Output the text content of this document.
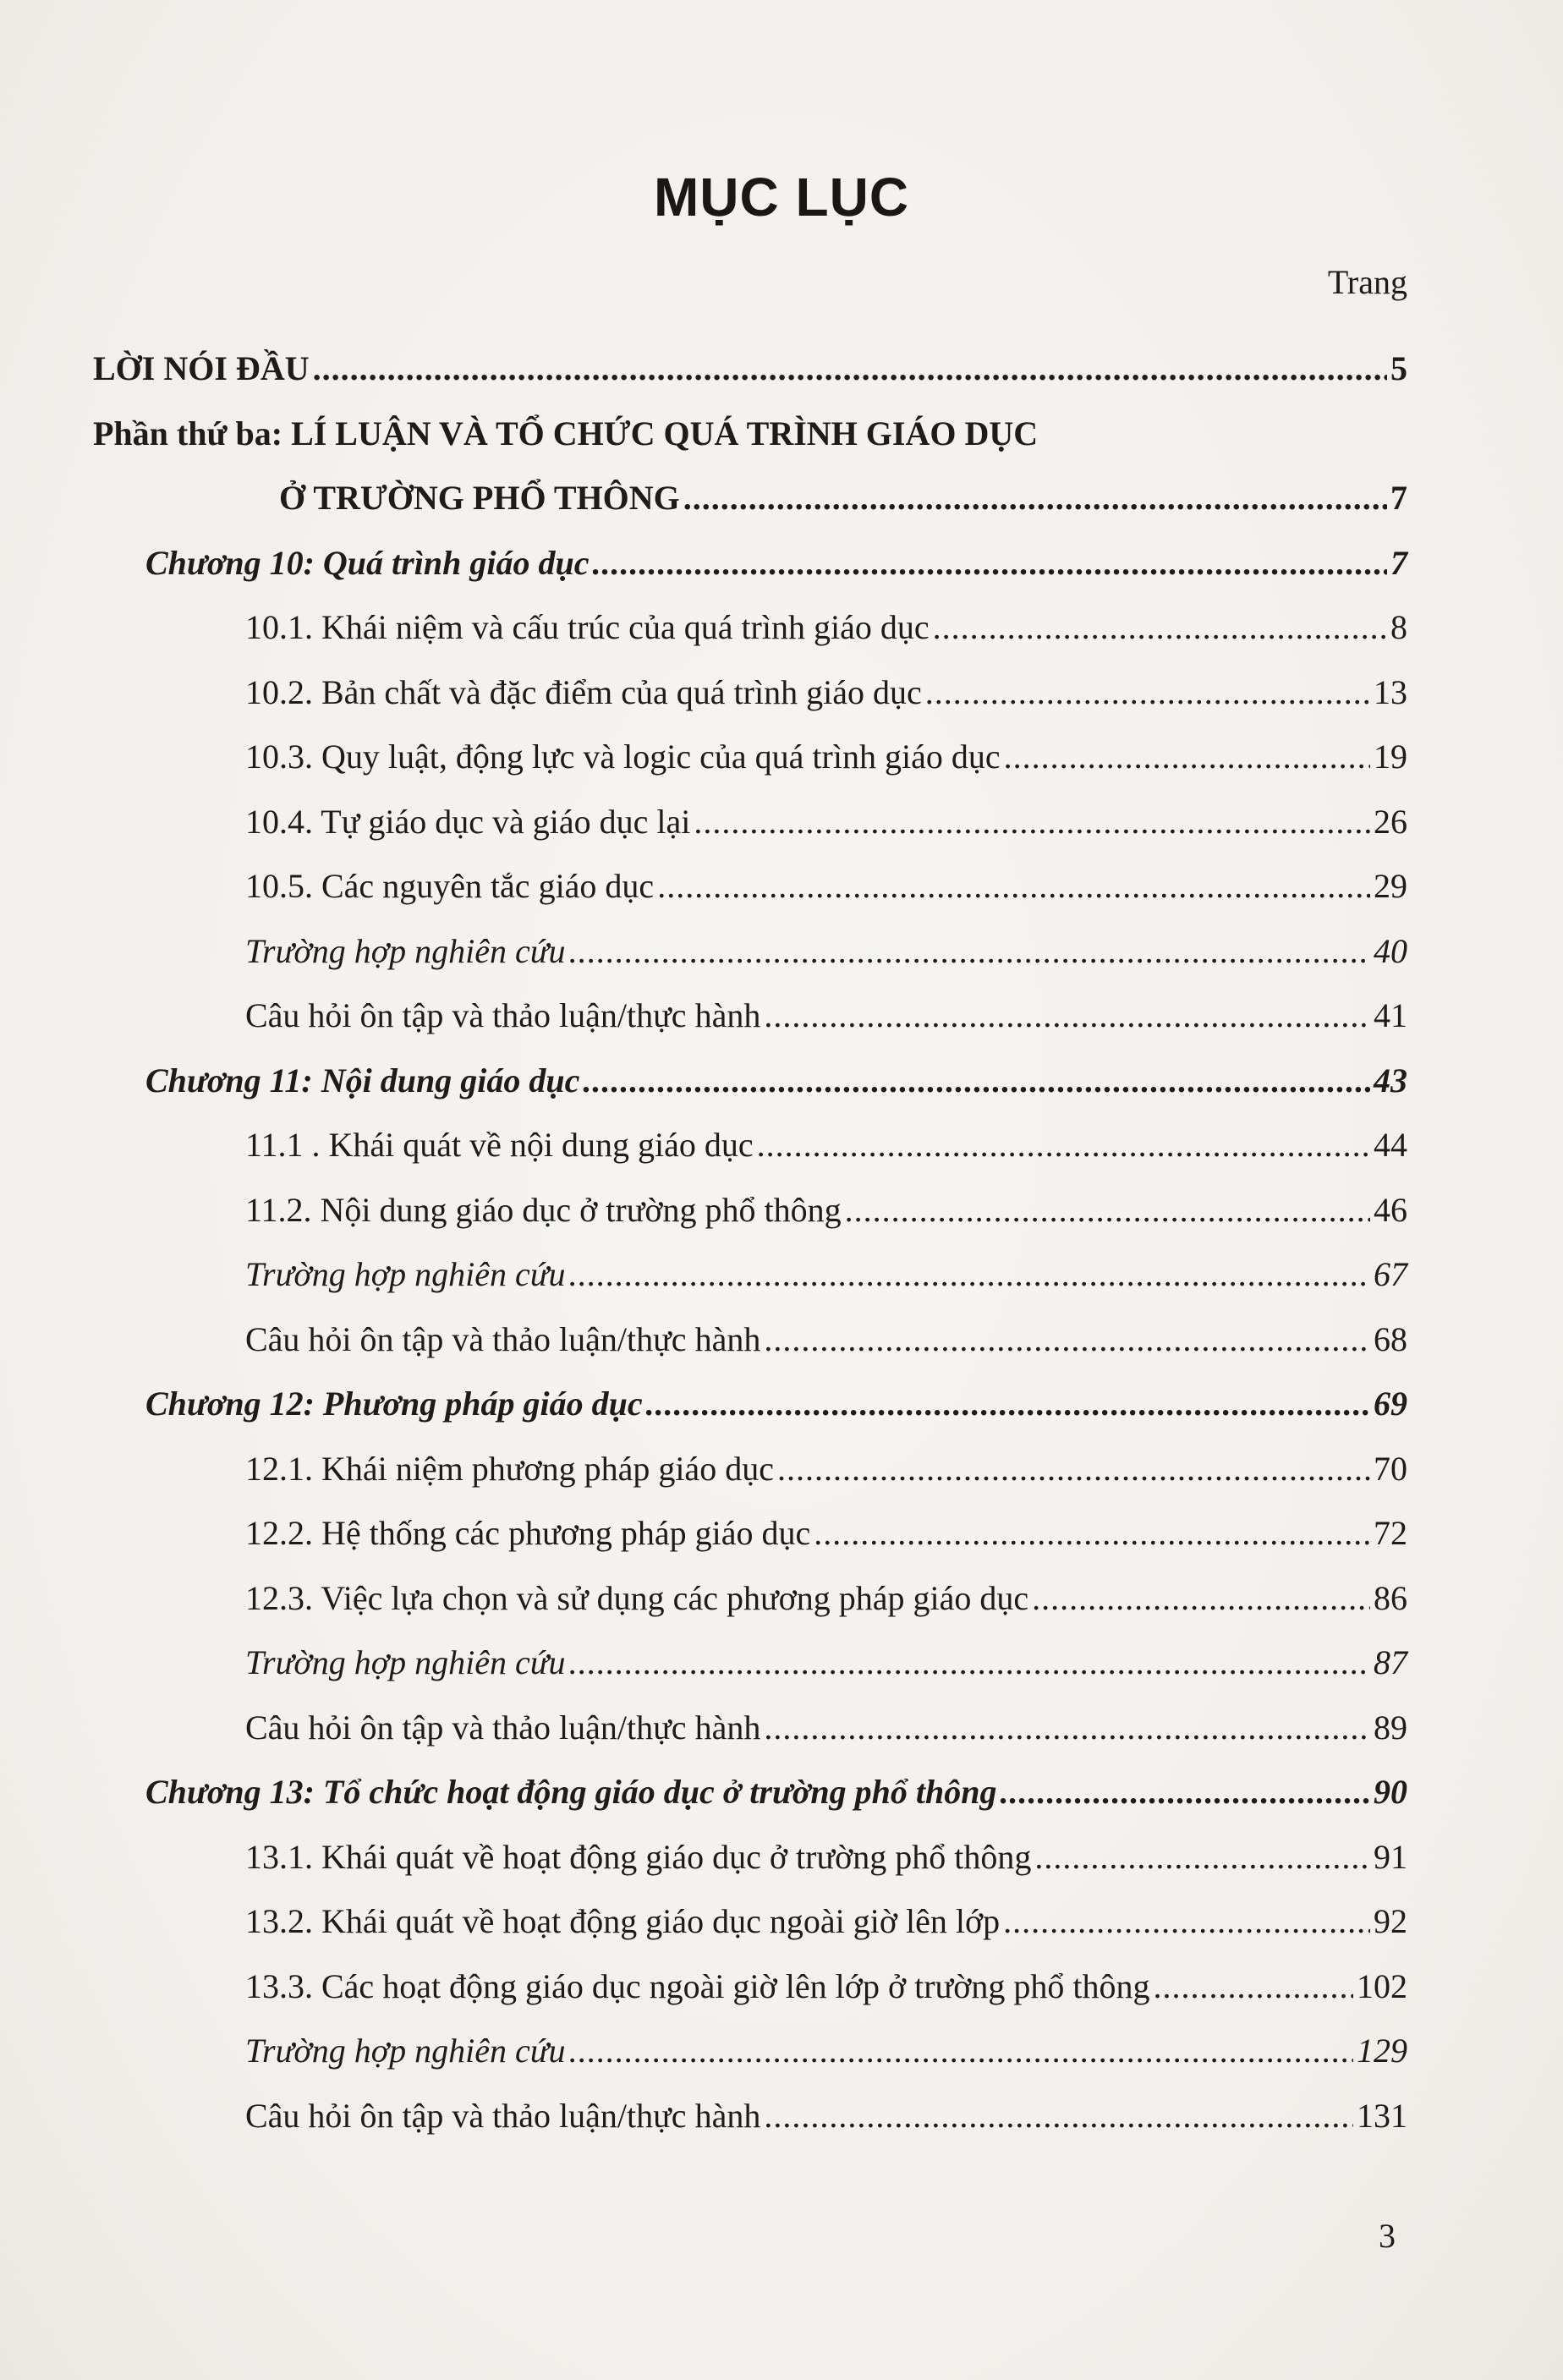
MỤC LỤC
Trang
LỜI NÓI ĐẦU .....	5
Phần thứ ba: LÍ LUẬN VÀ TỔ CHỨC QUÁ TRÌNH GIÁO DỤC
Ở TRƯỜNG PHỔ THÔNG .....	7
Chương 10: Quá trình giáo dục .....	7
10.1. Khái niệm và cấu trúc của quá trình giáo dục .....	8
10.2. Bản chất và đặc điểm của quá trình giáo dục .....	13
10.3. Quy luật, động lực và logic của quá trình giáo dục .....	19
10.4. Tự giáo dục và giáo dục lại .....	26
10.5. Các nguyên tắc giáo dục .....	29
Trường hợp nghiên cứu .....	40
Câu hỏi ôn tập và thảo luận/thực hành .....	41
Chương 11: Nội dung giáo dục .....	43
11.1 . Khái quát về nội dung giáo dục .....	44
11.2. Nội dung giáo dục ở trường phổ thông .....	46
Trường hợp nghiên cứu .....	67
Câu hỏi ôn tập và thảo luận/thực hành .....	68
Chương 12: Phương pháp giáo dục .....	69
12.1. Khái niệm phương pháp giáo dục .....	70
12.2. Hệ thống các phương pháp giáo dục .....	72
12.3. Việc lựa chọn và sử dụng các phương pháp giáo dục .....	86
Trường hợp nghiên cứu .....	87
Câu hỏi ôn tập và thảo luận/thực hành .....	89
Chương 13: Tổ chức hoạt động giáo dục ở trường phổ thông .....	90
13.1. Khái quát về hoạt động giáo dục ở trường phổ thông .....	91
13.2. Khái quát về hoạt động giáo dục ngoài giờ lên lớp .....	92
13.3. Các hoạt động giáo dục ngoài giờ lên lớp ở trường phổ thông .....	102
Trường hợp nghiên cứu .....	129
Câu hỏi ôn tập và thảo luận/thực hành .....	131
3
